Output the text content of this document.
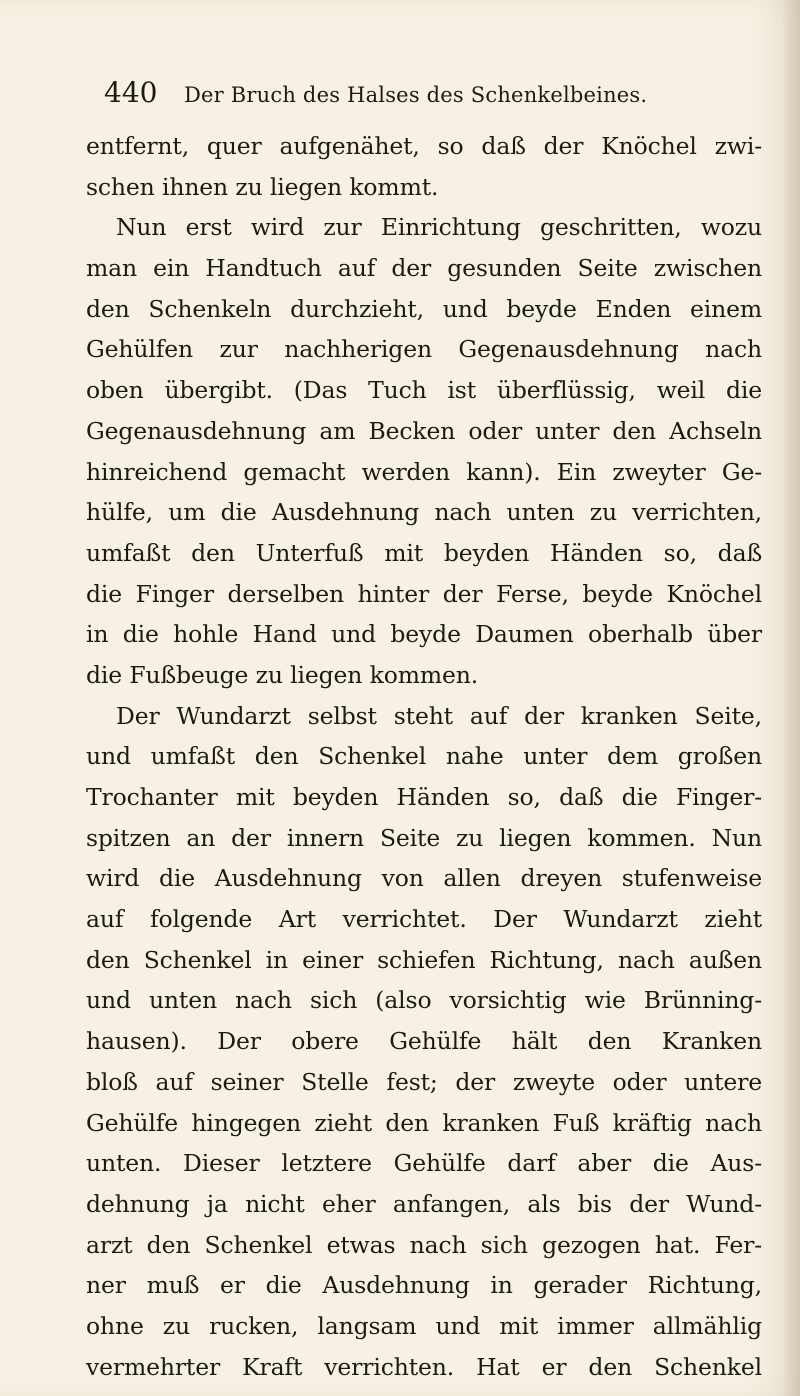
440 Der Bruch des Halses des Schenkelbeines.
entfernt, quer aufgenähet, so daß der Knöchel zwi-
schen ihnen zu liegen kommt.
Nun erst wird zur Einrichtung geschritten, wozu
man ein Handtuch auf der gesunden Seite zwischen
den Schenkeln durchzieht, und beyde Enden einem
Gehülfen zur nachherigen Gegenausdehnung nach
oben übergibt. (Das Tuch ist überflüssig, weil die
Gegenausdehnung am Becken oder unter den Achseln
hinreichend gemacht werden kann). Ein zweyter Ge-
hülfe, um die Ausdehnung nach unten zu verrichten,
umfaßt den Unterfuß mit beyden Händen so, daß
die Finger derselben hinter der Ferse, beyde Knöchel
in die hohle Hand und beyde Daumen oberhalb über
die Fußbeuge zu liegen kommen.
Der Wundarzt selbst steht auf der kranken Seite,
und umfaßt den Schenkel nahe unter dem großen
Trochanter mit beyden Händen so, daß die Finger-
spitzen an der innern Seite zu liegen kommen. Nun
wird die Ausdehnung von allen dreyen stufenweise
auf folgende Art verrichtet. Der Wundarzt zieht
den Schenkel in einer schiefen Richtung, nach außen
und unten nach sich (also vorsichtig wie Brünning-
hausen). Der obere Gehülfe hält den Kranken
bloß auf seiner Stelle fest; der zweyte oder untere
Gehülfe hingegen zieht den kranken Fuß kräftig nach
unten. Dieser letztere Gehülfe darf aber die Aus-
dehnung ja nicht eher anfangen, als bis der Wund-
arzt den Schenkel etwas nach sich gezogen hat. Fer-
ner muß er die Ausdehnung in gerader Richtung,
ohne zu rucken, langsam und mit immer allmählig
vermehrter Kraft verrichten. Hat er den Schenkel
